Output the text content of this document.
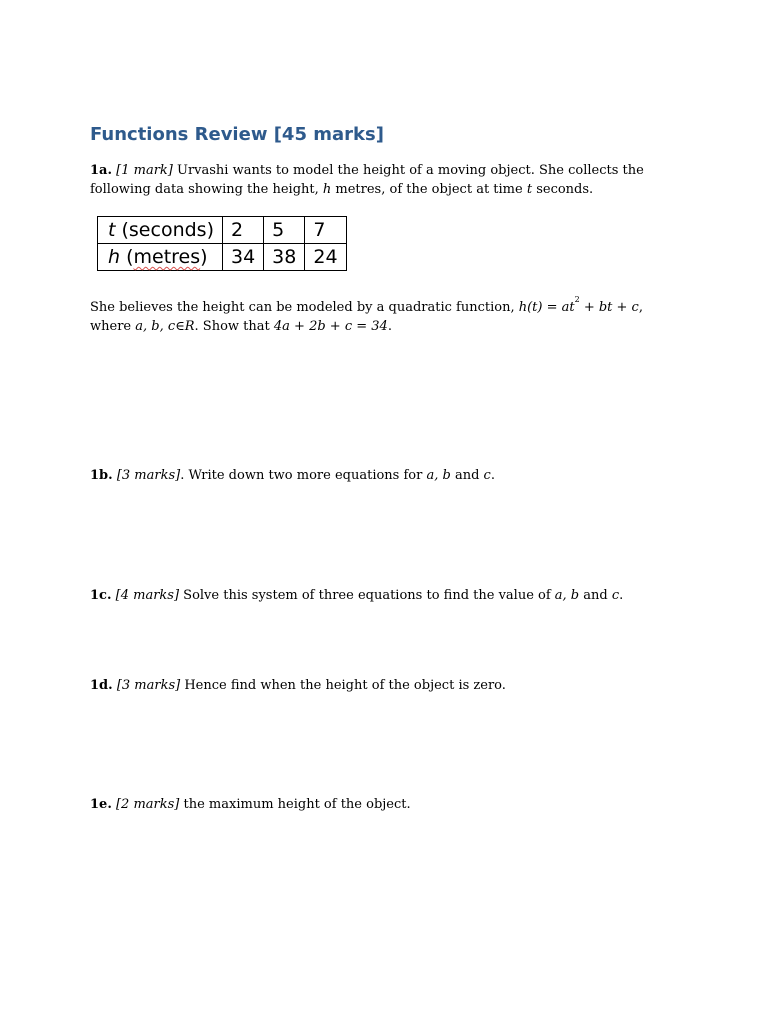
Functions Review [45 marks]
1a. [1 mark] Urvashi wants to model the height of a moving object. She collects the
following data showing the height, h metres, of the object at time t seconds.
t (seconds)	2	5	7
h (metres)	34	38	24
She believes the height can be modeled by a quadratic function, $h(t) = at^2$ + bt + c,
where a, b, c∈R. Show that 4a + 2b + c = 34.
1b. [3 marks]. Write down two more equations for a, b and c.
1c. [4 marks] Solve this system of three equations to find the value of a, b and c.
1d. [3 marks] Hence find when the height of the object is zero.
1e. [2 marks] the maximum height of the object.
